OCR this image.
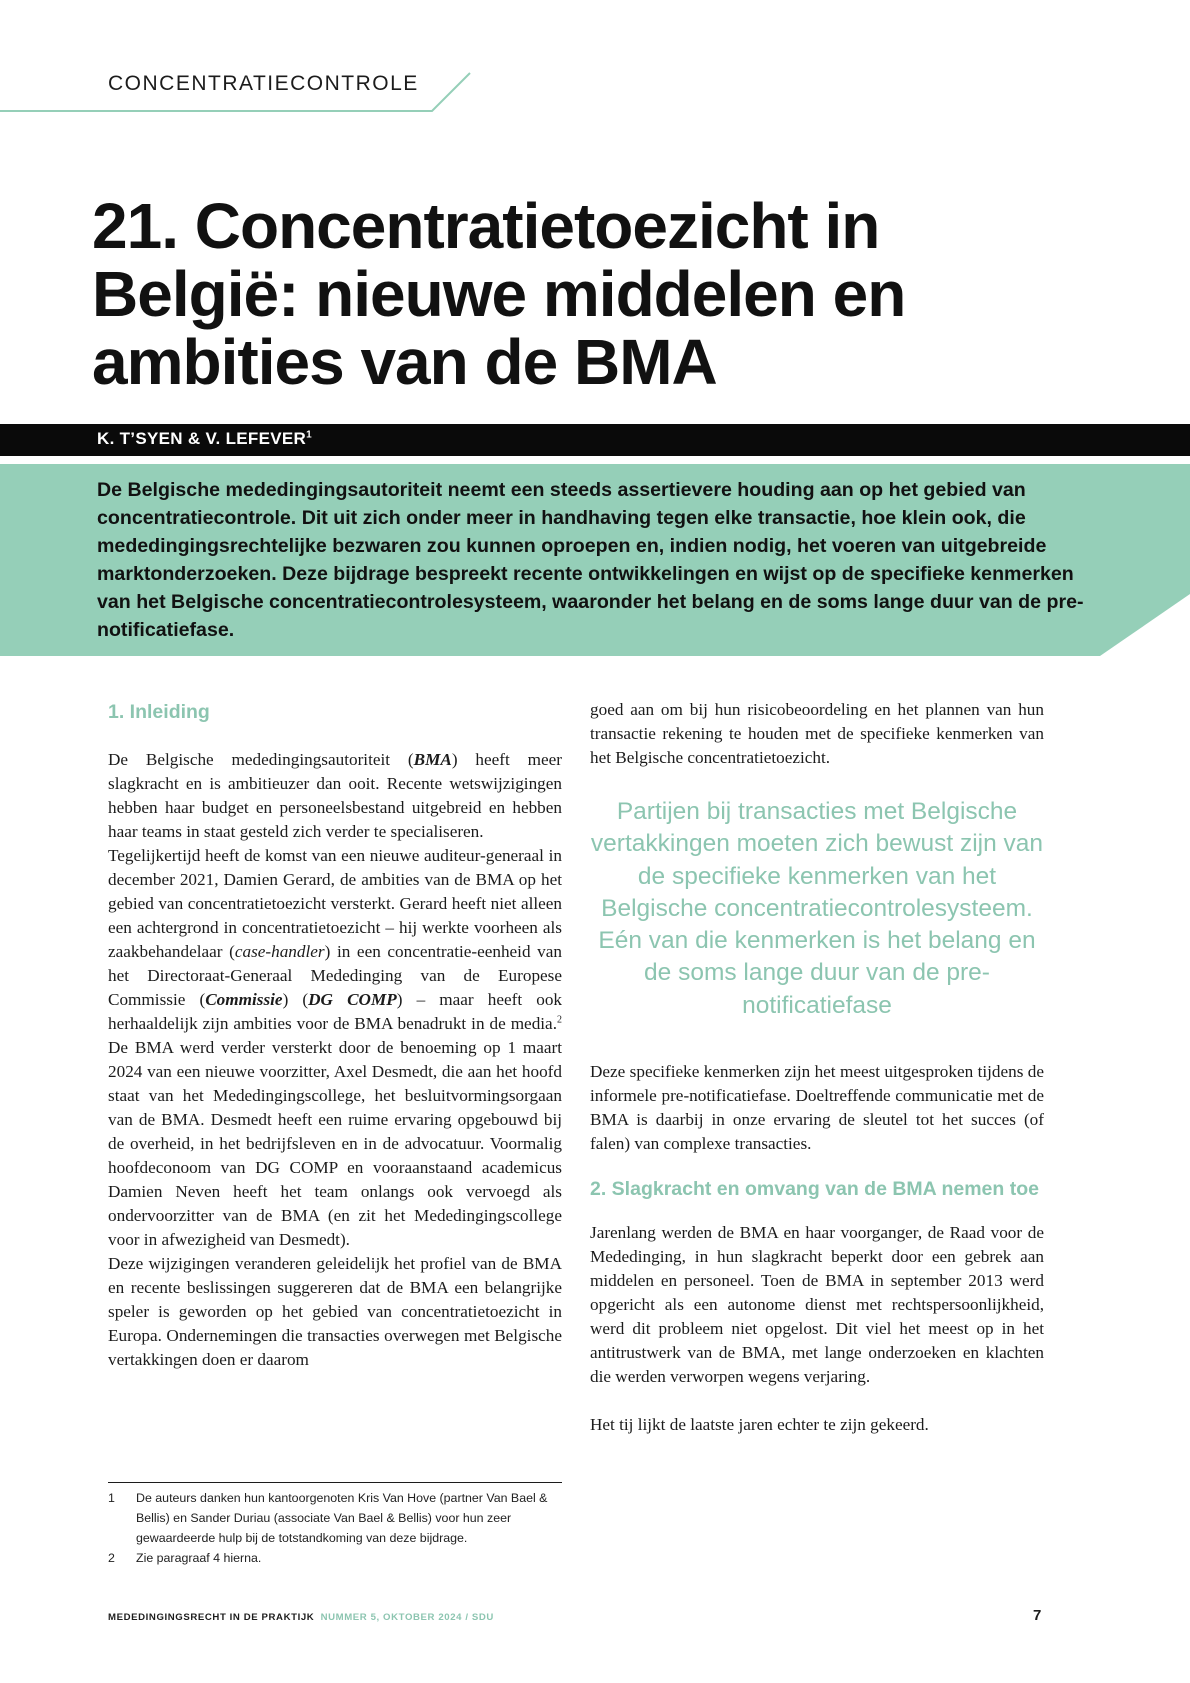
CONCENTRATIECONTROLE
21. Concentratietoezicht in
België: nieuwe middelen en
ambities van de BMA
K. T’SYEN & V. LEFEVER$^1$

De Belgische mededingingsautoriteit neemt een steeds assertievere houding aan op het gebied van concentratiecontrole. Dit uit zich onder meer in handhaving tegen elke transactie, hoe klein ook, die mededingingsrechtelijke bezwaren zou kunnen oproepen en, indien nodig, het voeren van uitgebreide marktonderzoeken. Deze bijdrage bespreekt recente ontwikkelingen en wijst op de specifieke kenmerken van het Belgische concentratiecontrolesysteem, waaronder het belang en de soms lange duur van de pre-notificatiefase.

1. Inleiding

De Belgische mededingingsautoriteit (BMA) heeft meer slagkracht en is ambitieuzer dan ooit. Recente wetswijzigingen hebben haar budget en personeelsbestand uitgebreid en hebben haar teams in staat gesteld zich verder te specialiseren.

Tegelijkertijd heeft de komst van een nieuwe auditeur-generaal in december 2021, Damien Gerard, de ambities van de BMA op het gebied van concentratietoezicht versterkt. Gerard heeft niet alleen een achtergrond in concentratietoezicht – hij werkte voorheen als zaakbehandelaar (case-handler) in een concentratie-eenheid van het Directoraat-Generaal Mededinging van de Europese Commissie (Commissie) (DG COMP) – maar heeft ook herhaaldelijk zijn ambities voor de BMA benadrukt in de media.$^2$ De BMA werd verder versterkt door de benoeming op 1 maart 2024 van een nieuwe voorzitter, Axel Desmedt, die aan het hoofd staat van het Mededingingscollege, het besluitvormingsorgaan van de BMA. Desmedt heeft een ruime ervaring opgebouwd bij de overheid, in het bedrijfsleven en in de advocatuur. Voormalig hoofdeconoom van DG COMP en vooraanstaand academicus Damien Neven heeft het team onlangs ook vervoegd als ondervoorzitter van de BMA (en zit het Mededingingscollege voor in afwezigheid van Desmedt).

Deze wijzigingen veranderen geleidelijk het profiel van de BMA en recente beslissingen suggereren dat de BMA een belangrijke speler is geworden op het gebied van concentratietoezicht in Europa. Ondernemingen die transacties overwegen met Belgische vertakkingen doen er daarom

goed aan om bij hun risicobeoordeling en het plannen van hun transactie rekening te houden met de specifieke kenmerken van het Belgische concentratietoezicht.

Partijen bij transacties met Belgische vertakkingen moeten zich bewust zijn van de specifieke kenmerken van het Belgische concentratiecontrolesysteem. Eén van die kenmerken is het belang en de soms lange duur van de pre-notificatiefase

Deze specifieke kenmerken zijn het meest uitgesproken tijdens de informele pre-notificatiefase. Doeltreffende communicatie met de BMA is daarbij in onze ervaring de sleutel tot het succes (of falen) van complexe transacties.

2. Slagkracht en omvang van de BMA nemen toe

Jarenlang werden de BMA en haar voorganger, de Raad voor de Mededinging, in hun slagkracht beperkt door een gebrek aan middelen en personeel. Toen de BMA in september 2013 werd opgericht als een autonome dienst met rechtspersoonlijkheid, werd dit probleem niet opgelost. Dit viel het meest op in het antitrustwerk van de BMA, met lange onderzoeken en klachten die werden verworpen wegens verjaring.

Het tij lijkt de laatste jaren echter te zijn gekeerd.

1	De auteurs danken hun kantoorgenoten Kris Van Hove (partner Van Bael & Bellis) en Sander Duriau (associate Van Bael & Bellis) voor hun zeer gewaardeerde hulp bij de totstandkoming van deze bijdrage.
2	Zie paragraaf 4 hierna.
MEDEDINGINGSRECHT IN DE PRAKTIJK NUMMER 5, OKTOBER 2024 / SDU	7
